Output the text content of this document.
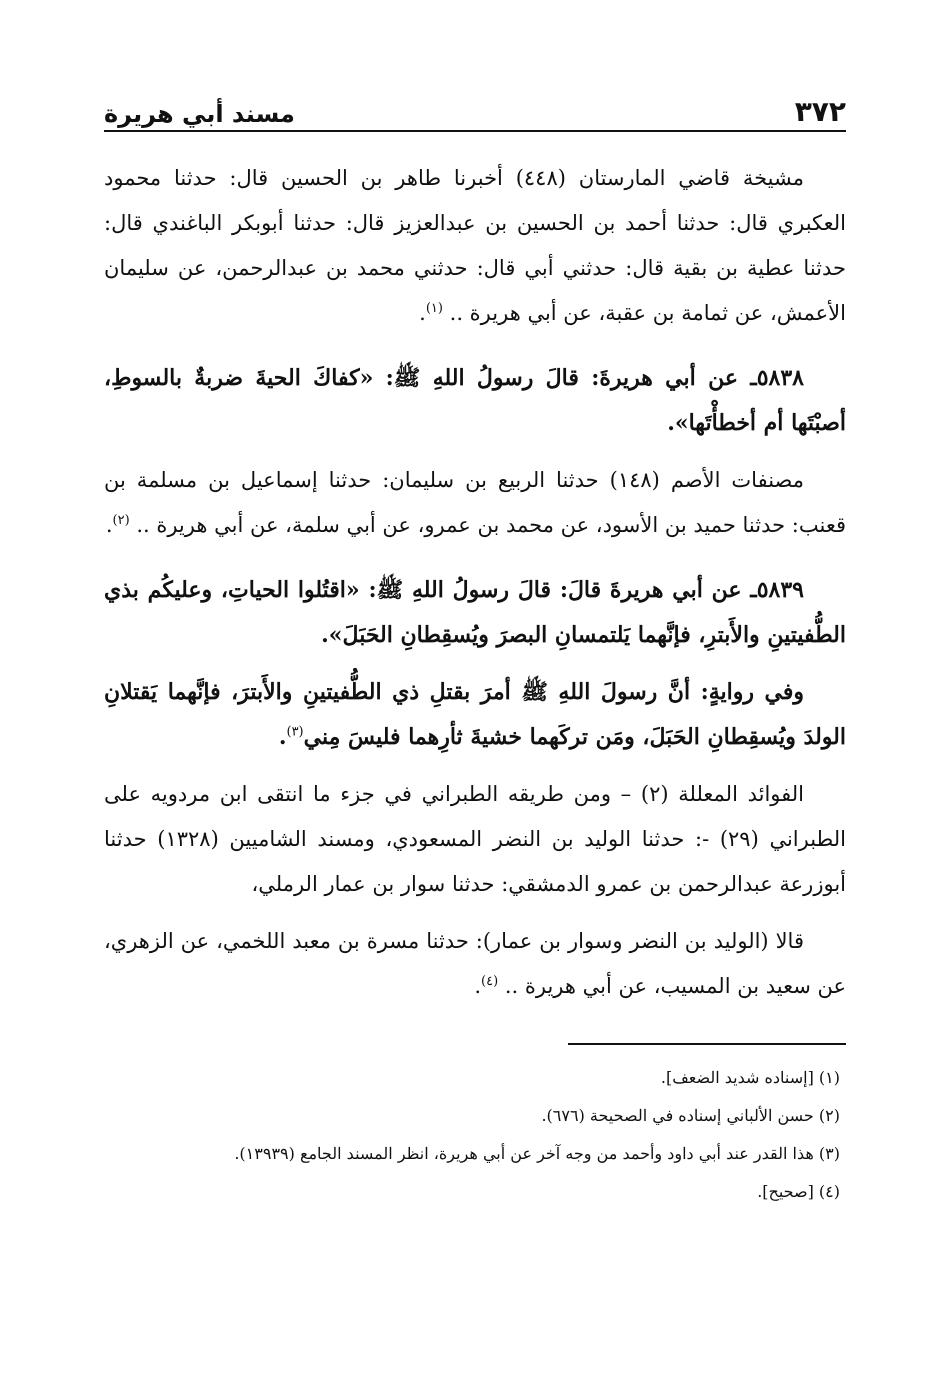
٣٧٢
مسند أبي هريرة

مشيخة قاضي المارستان (٤٤٨) أخبرنا طاهر بن الحسين قال: حدثنا محمود العكبري قال: حدثنا أحمد بن الحسين بن عبدالعزيز قال: حدثنا أبوبكر الباغندي قال: حدثنا عطية بن بقية قال: حدثني أبي قال: حدثني محمد بن عبدالرحمن، عن سليمان الأعمش، عن ثمامة بن عقبة، عن أبي هريرة .. $^{(١)}$.

٥٨٣٨ـ عن أبي هريرةَ: قالَ رسولُ اللهِ ﷺ: «كفاكَ الحيةَ ضربةٌ بالسوطِ، أصبْتَها أم أخطأْتَها».

مصنفات الأصم (١٤٨) حدثنا الربيع بن سليمان: حدثنا إسماعيل بن مسلمة بن قعنب: حدثنا حميد بن الأسود، عن محمد بن عمرو، عن أبي سلمة، عن أبي هريرة .. $^{(٢)}$.

٥٨٣٩ـ عن أبي هريرةَ قالَ: قالَ رسولُ اللهِ ﷺ: «اقتُلوا الحياتِ، وعليكُم بذي الطُّفيتينِ والأَبترِ، فإنَّهما يَلتمسانِ البصرَ ويُسقِطانِ الحَبَلَ».

وفي روايةٍ: أنَّ رسولَ اللهِ ﷺ أمرَ بقتلِ ذي الطُّفيتينِ والأَبترَ، فإنَّهما يَقتلانِ الولدَ ويُسقِطانِ الحَبَلَ، ومَن تركَهما خشيةَ ثأرِهما فليسَ مِني$^{(٣)}$.

الفوائد المعللة (٢) – ومن طريقه الطبراني في جزء ما انتقى ابن مردويه على الطبراني (٢٩) -: حدثنا الوليد بن النضر المسعودي، ومسند الشاميين (١٣٢٨) حدثنا أبوزرعة عبدالرحمن بن عمرو الدمشقي: حدثنا سوار بن عمار الرملي،

قالا (الوليد بن النضر وسوار بن عمار): حدثنا مسرة بن معبد اللخمي، عن الزهري، عن سعيد بن المسيب، عن أبي هريرة .. $^{(٤)}$.

(١) [إسناده شديد الضعف].
(٢) حسن الألباني إسناده في الصحيحة (٦٧٦).
(٣) هذا القدر عند أبي داود وأحمد من وجه آخر عن أبي هريرة، انظر المسند الجامع (١٣٩٣٩).
(٤) [صحيح].
